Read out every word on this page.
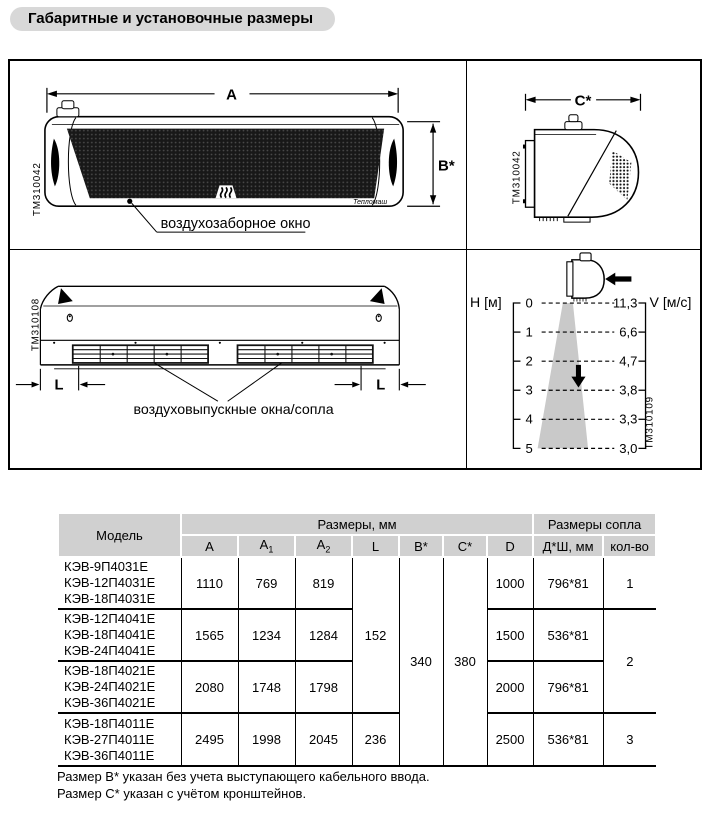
Габаритные и установочные размеры
A
Тепломаш
B*
воздухозаборное окно
ТМ310042
C*
ТМ310042
L	L
воздуховыпускные окна/сопла
ТМ310108	H [м] 0
1
2
3
4
5
11,3
6,6
4,7
3,8
3,3
3,0
V [м/с]
ТМ310109
Модель	Размеры, мм							Размеры сопла	
	A	$A_1$	$A_2$	L	B*	C*	D	Д*Ш, мм	кол-во

КЭВ-9П4031Е
КЭВ-12П4031Е
КЭВ-18П4031Е	1110	769	819	152	340	380	1000	796*81	1

КЭВ-12П4041Е
КЭВ-18П4041Е
КЭВ-24П4041Е	1565	1234	1284				1500	536*81	2

КЭВ-18П4021Е
КЭВ-24П4021Е
КЭВ-36П4021Е	2080	1748	1798				2000	796*81	

КЭВ-18П4011Е
КЭВ-27П4011Е
КЭВ-36П4011Е	2495	1998	2045	236			2500	536*81	3
Размер B* указан без учета выступающего кабельного ввода.
Размер C* указан с учётом кронштейнов.
